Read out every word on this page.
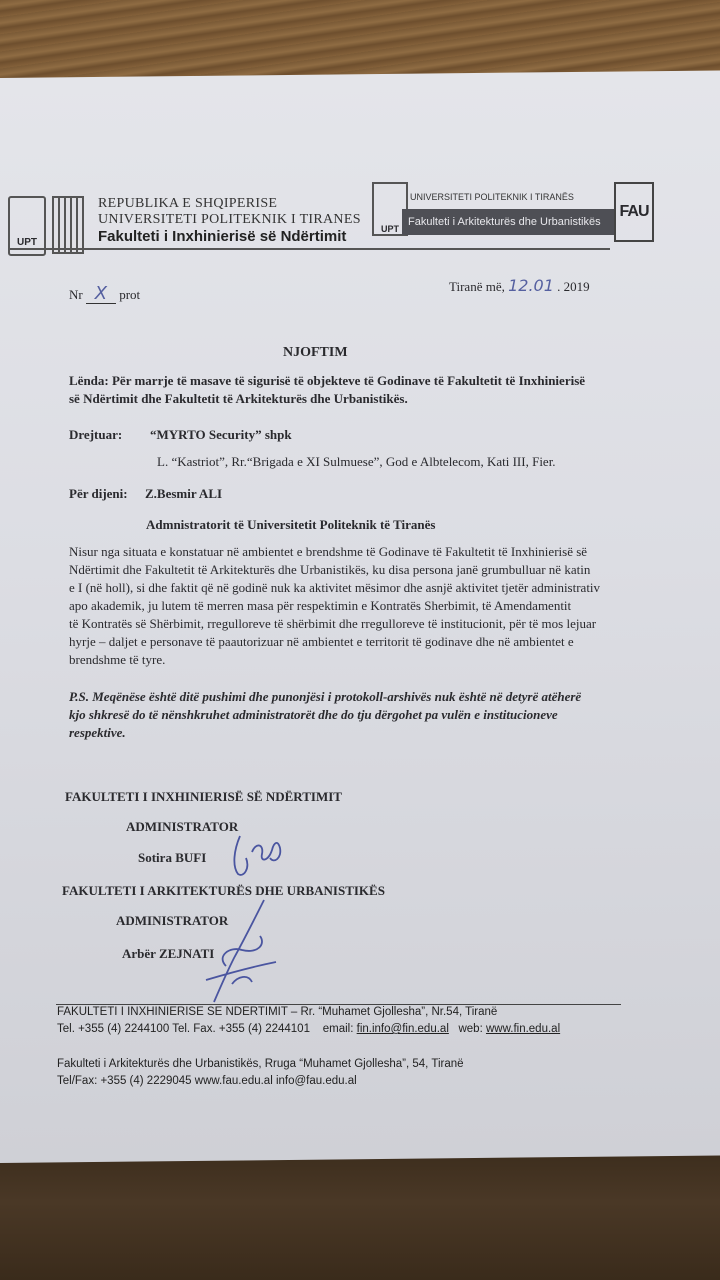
UPT
REPUBLIKA E SHQIPERISE
UNIVERSITETI POLITEKNIK I TIRANES
Fakulteti i Inxhinierisë së Ndërtimit	UPT
UNIVERSITETI POLITEKNIK I TIRANËS
Fakulteti i Arkitekturës dhe Urbanistikës
FAU
Nr X prot
Tiranë më, 12.01 . 2019
NJOFTIM
Lënda: Për marrje të masave të sigurisë të objekteve të Godinave të Fakultetit të Inxhinierisë
së Ndërtimit dhe Fakultetit të Arkitekturës dhe Urbanistikës.
Drejtuar: “MYRTO Security” shpk
L. “Kastriot”, Rr.“Brigada e XI Sulmuese”, God e Albtelecom, Kati III, Fier.
Për dijeni: Z.Besmir ALI
Admnistratorit të Universitetit Politeknik të Tiranës
Nisur nga situata e konstatuar në ambientet e brendshme të Godinave të Fakultetit të Inxhinierisë së
Ndërtimit dhe Fakultetit të Arkitekturës dhe Urbanistikës, ku disa persona janë grumbulluar në katin
e I (në holl), si dhe faktit që në godinë nuk ka aktivitet mësimor dhe asnjë aktivitet tjetër administrativ
apo akademik, ju lutem të merren masa për respektimin e Kontratës Sherbimit, të Amendamentit
të Kontratës së Shërbimit, rregulloreve të shërbimit dhe rregulloreve të institucionit, për të mos lejuar
hyrje – daljet e personave të paautorizuar në ambientet e territorit të godinave dhe në ambientet e
brendshme të tyre.
P.S. Meqënëse është ditë pushimi dhe punonjësi i protokoll-arshivës nuk është në detyrë atëherë
kjo shkresë do të nënshkruhet administratorët dhe do tju dërgohet pa vulën e institucioneve
respektive.
FAKULTETI I INXHINIERISË SË NDËRTIMIT
ADMINISTRATOR
Sotira BUFI
FAKULTETI I ARKITEKTURËS DHE URBANISTIKËS
ADMINISTRATOR
Arbër ZEJNATI
FAKULTETI I INXHINIERISE SE NDERTIMIT – Rr. “Muhamet Gjollesha”, Nr.54, Tiranë
Tel. +355 (4) 2244100 Tel. Fax. +355 (4) 2244101 email: fin.info@fin.edu.al web: www.fin.edu.al
Fakulteti i Arkitekturës dhe Urbanistikës, Rruga “Muhamet Gjollesha”, 54, Tiranë
Tel/Fax: +355 (4) 2229045 www.fau.edu.al info@fau.edu.al
